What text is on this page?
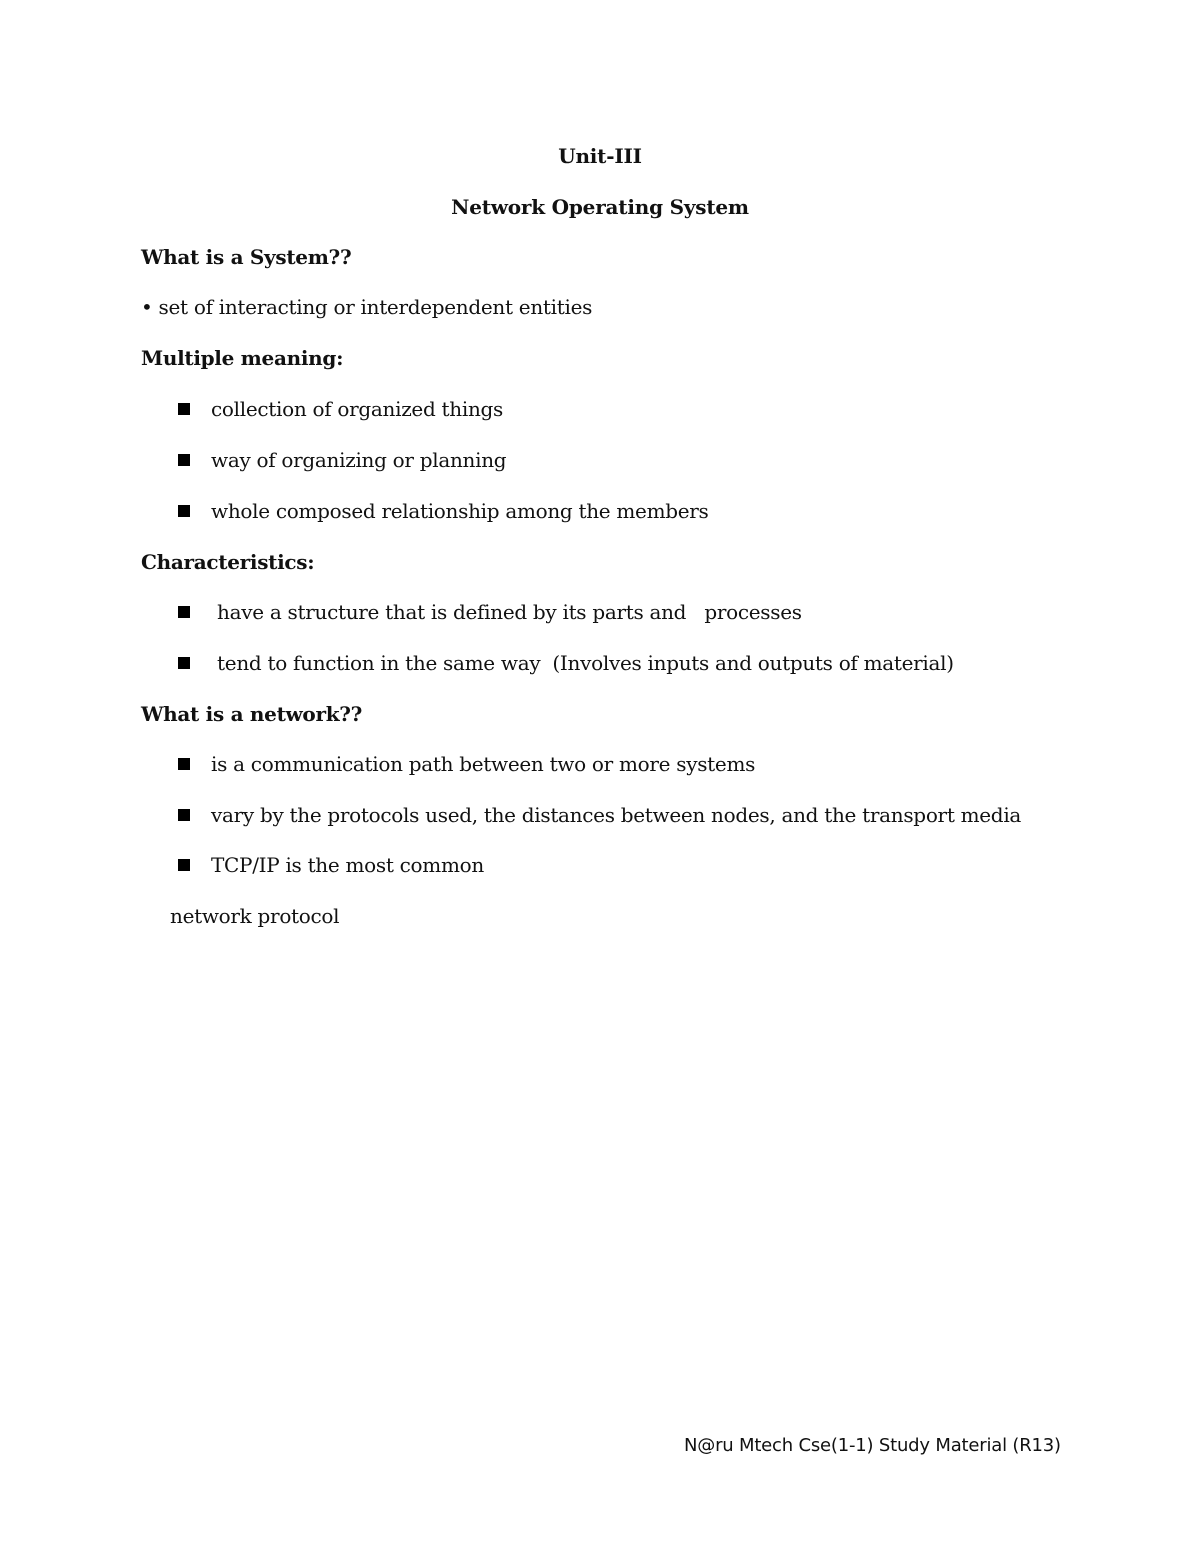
Unit-III
Network Operating System
What is a System??
• set of interacting or interdependent entities
Multiple meaning:
collection of organized things
way of organizing or planning
whole composed relationship among the members
Characteristics:
have a structure that is defined by its parts and   processes
tend to function in the same way  (Involves inputs and outputs of material)
What is a network??
is a communication path between two or more systems
vary by the protocols used, the distances between nodes, and the transport media
TCP/IP is the most common
network protocol
N@ru Mtech Cse(1-1) Study Material (R13)
